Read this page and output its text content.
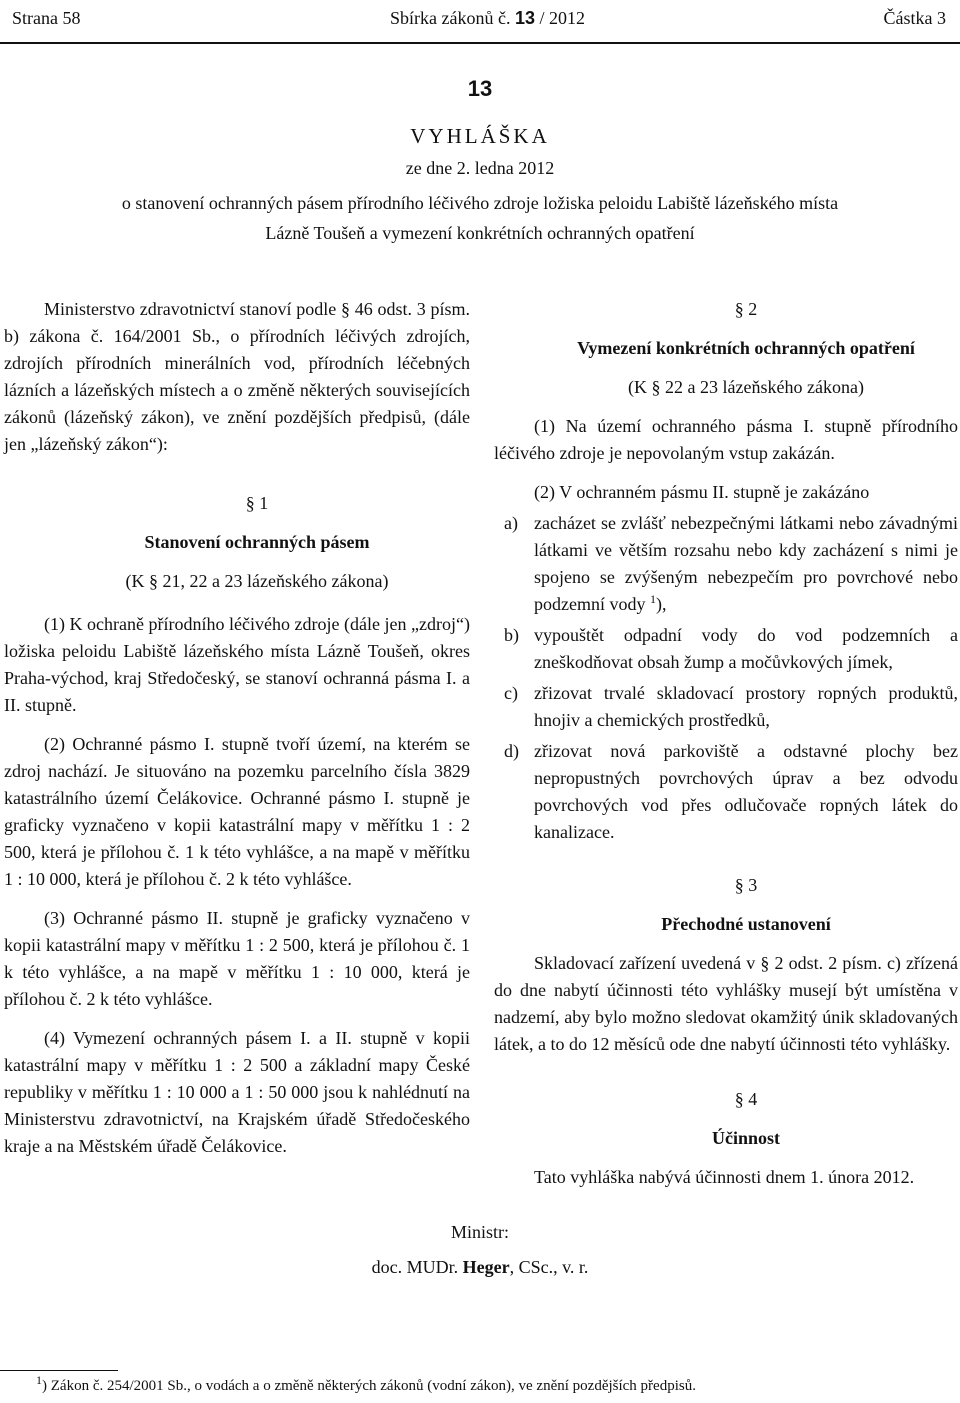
Strana 58	Sbírka zákonů č. 13 / 2012	Částka 3
13
VYHLÁŠKA
ze dne 2. ledna 2012
o stanovení ochranných pásem přírodního léčivého zdroje ložiska peloidu Labiště lázeňského místa
Lázně Toušeň a vymezení konkrétních ochranných opatření

Ministerstvo zdravotnictví stanoví podle § 46 odst. 3 písm. b) zákona č. 164/2001 Sb., o přírodních léčivých zdrojích, zdrojích přírodních minerálních vod, přírodních léčebných lázních a lázeňských místech a o změně některých souvisejících zákonů (lázeňský zákon), ve znění pozdějších předpisů, (dále jen „lázeňský zákon“):

§ 1

Stanovení ochranných pásem

(K § 21, 22 a 23 lázeňského zákona)

(1) K ochraně přírodního léčivého zdroje (dále jen „zdroj“) ložiska peloidu Labiště lázeňského místa Lázně Toušeň, okres Praha-východ, kraj Středočeský, se stanoví ochranná pásma I. a II. stupně.

(2) Ochranné pásmo I. stupně tvoří území, na kterém se zdroj nachází. Je situováno na pozemku parcelního čísla 3829 katastrálního území Čelákovice. Ochranné pásmo I. stupně je graficky vyznačeno v kopii katastrální mapy v měřítku 1 : 2 500, která je přílohou č. 1 k této vyhlášce, a na mapě v měřítku 1 : 10 000, která je přílohou č. 2 k této vyhlášce.

(3) Ochranné pásmo II. stupně je graficky vyznačeno v kopii katastrální mapy v měřítku 1 : 2 500, která je přílohou č. 1 k této vyhlášce, a na mapě v měřítku 1 : 10 000, která je přílohou č. 2 k této vyhlášce.

(4) Vymezení ochranných pásem I. a II. stupně v kopii katastrální mapy v měřítku 1 : 2 500 a základní mapy České republiky v měřítku 1 : 10 000 a 1 : 50 000 jsou k nahlédnutí na Ministerstvu zdravotnictví, na Krajském úřadě Středočeského kraje a na Městském úřadě Čelákovice.

§ 2

Vymezení konkrétních ochranných opatření

(K § 22 a 23 lázeňského zákona)

(1) Na území ochranného pásma I. stupně přírodního léčivého zdroje je nepovolaným vstup zakázán.

(2) V ochranném pásmu II. stupně je zakázáno

a) zacházet se zvlášť nebezpečnými látkami nebo závadnými látkami ve větším rozsahu nebo kdy zacházení s nimi je spojeno se zvýšeným nebezpečím pro povrchové nebo podzemní vody $^1$),
b) vypouštět odpadní vody do vod podzemních a zneškodňovat obsah žump a močůvkových jímek,
c) zřizovat trvalé skladovací prostory ropných produktů, hnojiv a chemických prostředků,
d) zřizovat nová parkoviště a odstavné plochy bez nepropustných povrchových úprav a bez odvodu povrchových vod přes odlučovače ropných látek do kanalizace.

§ 3

Přechodné ustanovení

Skladovací zařízení uvedená v § 2 odst. 2 písm. c) zřízená do dne nabytí účinnosti této vyhlášky musejí být umístěna v nadzemí, aby bylo možno sledovat okamžitý únik skladovaných látek, a to do 12 měsíců ode dne nabytí účinnosti této vyhlášky.

§ 4

Účinnost

Tato vyhláška nabývá účinnosti dnem 1. února 2012.

Ministr:
doc. MUDr. Heger, CSc., v. r.
$^1$) Zákon č. 254/2001 Sb., o vodách a o změně některých zákonů (vodní zákon), ve znění pozdějších předpisů.
